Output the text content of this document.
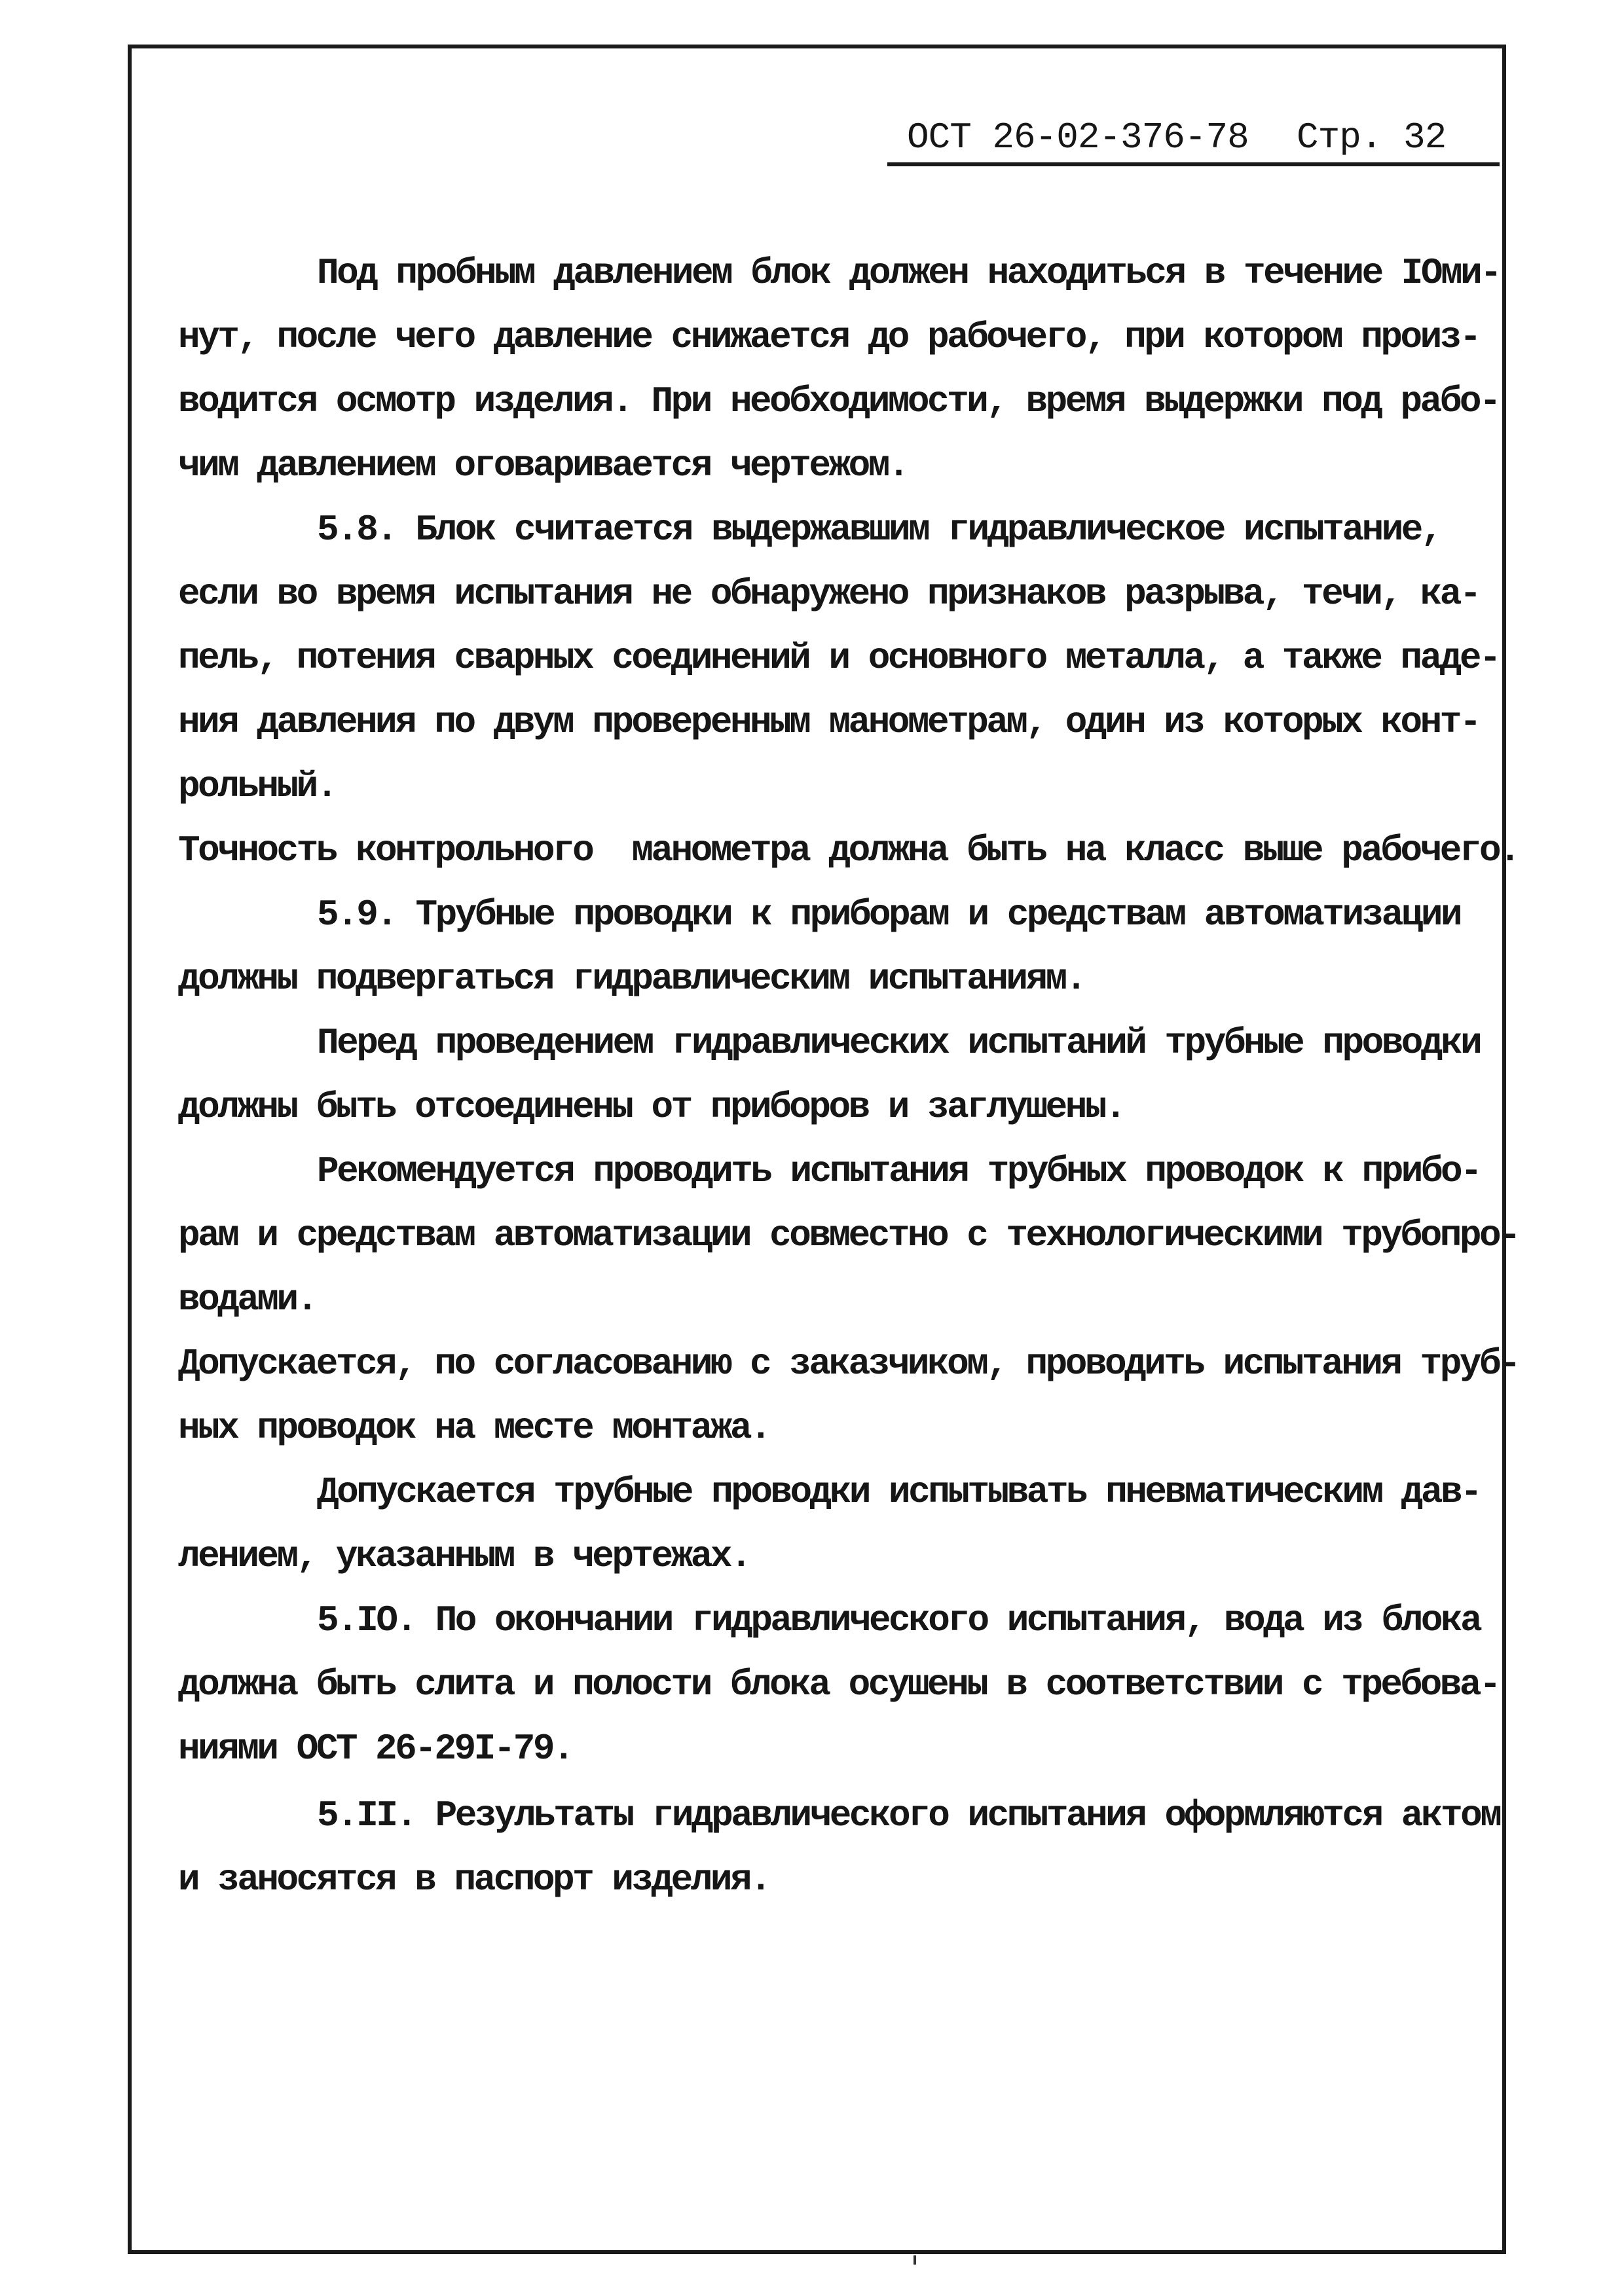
ОСТ 26-02-376-78 Стр. 32
Под пробным давлением блок должен находиться в течение IОми-
нут, после чего давление снижается до рабочего, при котором произ-
водится осмотр изделия. При необходимости, время выдержки под рабо-
чим давлением оговаривается чертежом.
5.8. Блок считается выдержавшим гидравлическое испытание,
если во время испытания не обнаружено признаков разрыва, течи, ка-
пель, потения сварных соединений и основного металла, а также паде-
ния давления по двум проверенным манометрам, один из которых конт-
рольный.
Точность контрольного  манометра должна быть на класс выше рабочего.
5.9. Трубные проводки к приборам и средствам автоматизации
должны подвергаться гидравлическим испытаниям.
Перед проведением гидравлических испытаний трубные проводки
должны быть отсоединены от приборов и заглушены.
Рекомендуется проводить испытания трубных проводок к прибо-
рам и средствам автоматизации совместно с технологическими трубопро-
водами.
Допускается, по согласованию с заказчиком, проводить испытания труб-
ных проводок на месте монтажа.
Допускается трубные проводки испытывать пневматическим дав-
лением, указанным в чертежах.
5.IО. По окончании гидравлического испытания, вода из блока
должна быть слита и полости блока осушены в соответствии с требова-
ниями ОСТ 26-29I-79.
5.II. Результаты гидравлического испытания оформляются актом
и заносятся в паспорт изделия.
